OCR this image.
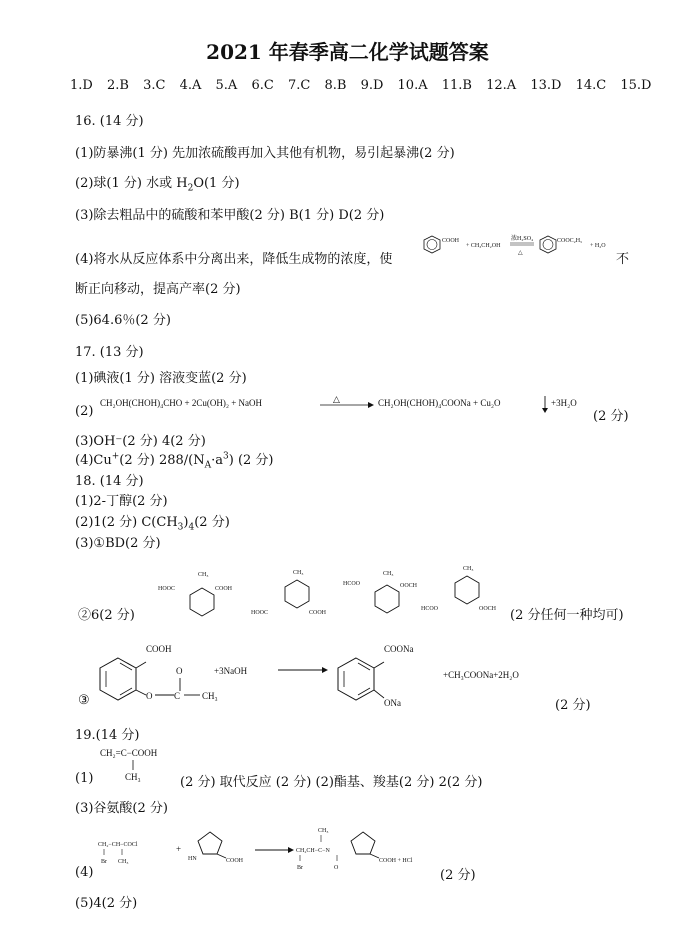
2021 年春季高二化学试题答案
1.D 2.B 3.C 4.A 5.A 6.C 7.C 8.B 9.D 10.A 11.B 12.A 13.D 14.C 15.D
16. (14 分)
(1)防暴沸(1 分) 先加浓硫酸再加入其他有机物，易引起暴沸(2 分)
(2)球(1 分) 水或 $H_2O(1$ 分)
(3)除去粗品中的硫酸和苯甲酸(2 分) B(1 分) D(2 分)
(4)将水从反应体系中分离出来，降低生成物的浓度，使
COOH
+ CH₃CH₂OH
浓H₂SO₄
△
COOC₂H₅
+ H₂O
不
断正向移动，提高产率(2 分)
(5)64.6％(2 分)
17. (13 分)
(1)碘液(1 分) 溶液变蓝(2 分)
(2)
CH₂OH(CHOH)₄CHO + 2Cu(OH)₂ + NaOH	△	CH₂OH(CHOH)₄COONa + Cu₂O	+3H₂O
(2 分)
(3)OH⁻(2 分) 4(2 分)
(4)Cu+(2 分) $288/(N_A\cdot a^3)$ (2 分)
18. (14 分)
(1)2-丁醇(2 分)
(2)1(2 分) $C(CH_3)_4(2$ 分)
(3)①BD(2 分)
②6(2 分)
HOOC
CH₃
COOH
CH₃
HOOC	COOH
HCOO
CH₃
OOCH
CH₃
HCOO	OOCH (2 分任何一种均可)
③
COOH
O
O
C CH₃
+3NaOH
COONa
ONa
+CH₃COONa+2H₂O
(2 分)
19.(14 分)
CH₂=C−COOH
CH₃
(1)	(2 分) 取代反应 (2 分) (2)酯基、羧基(2 分) 2(2 分)
(3)谷氨酸(2 分)
(4)
CH₂−CH−COCl
Br CH₃
+
HN	COOH
CH₃
CH₂CH−C−N
Br	O
COOH + HCl
(2 分)
(5)4(2 分)
